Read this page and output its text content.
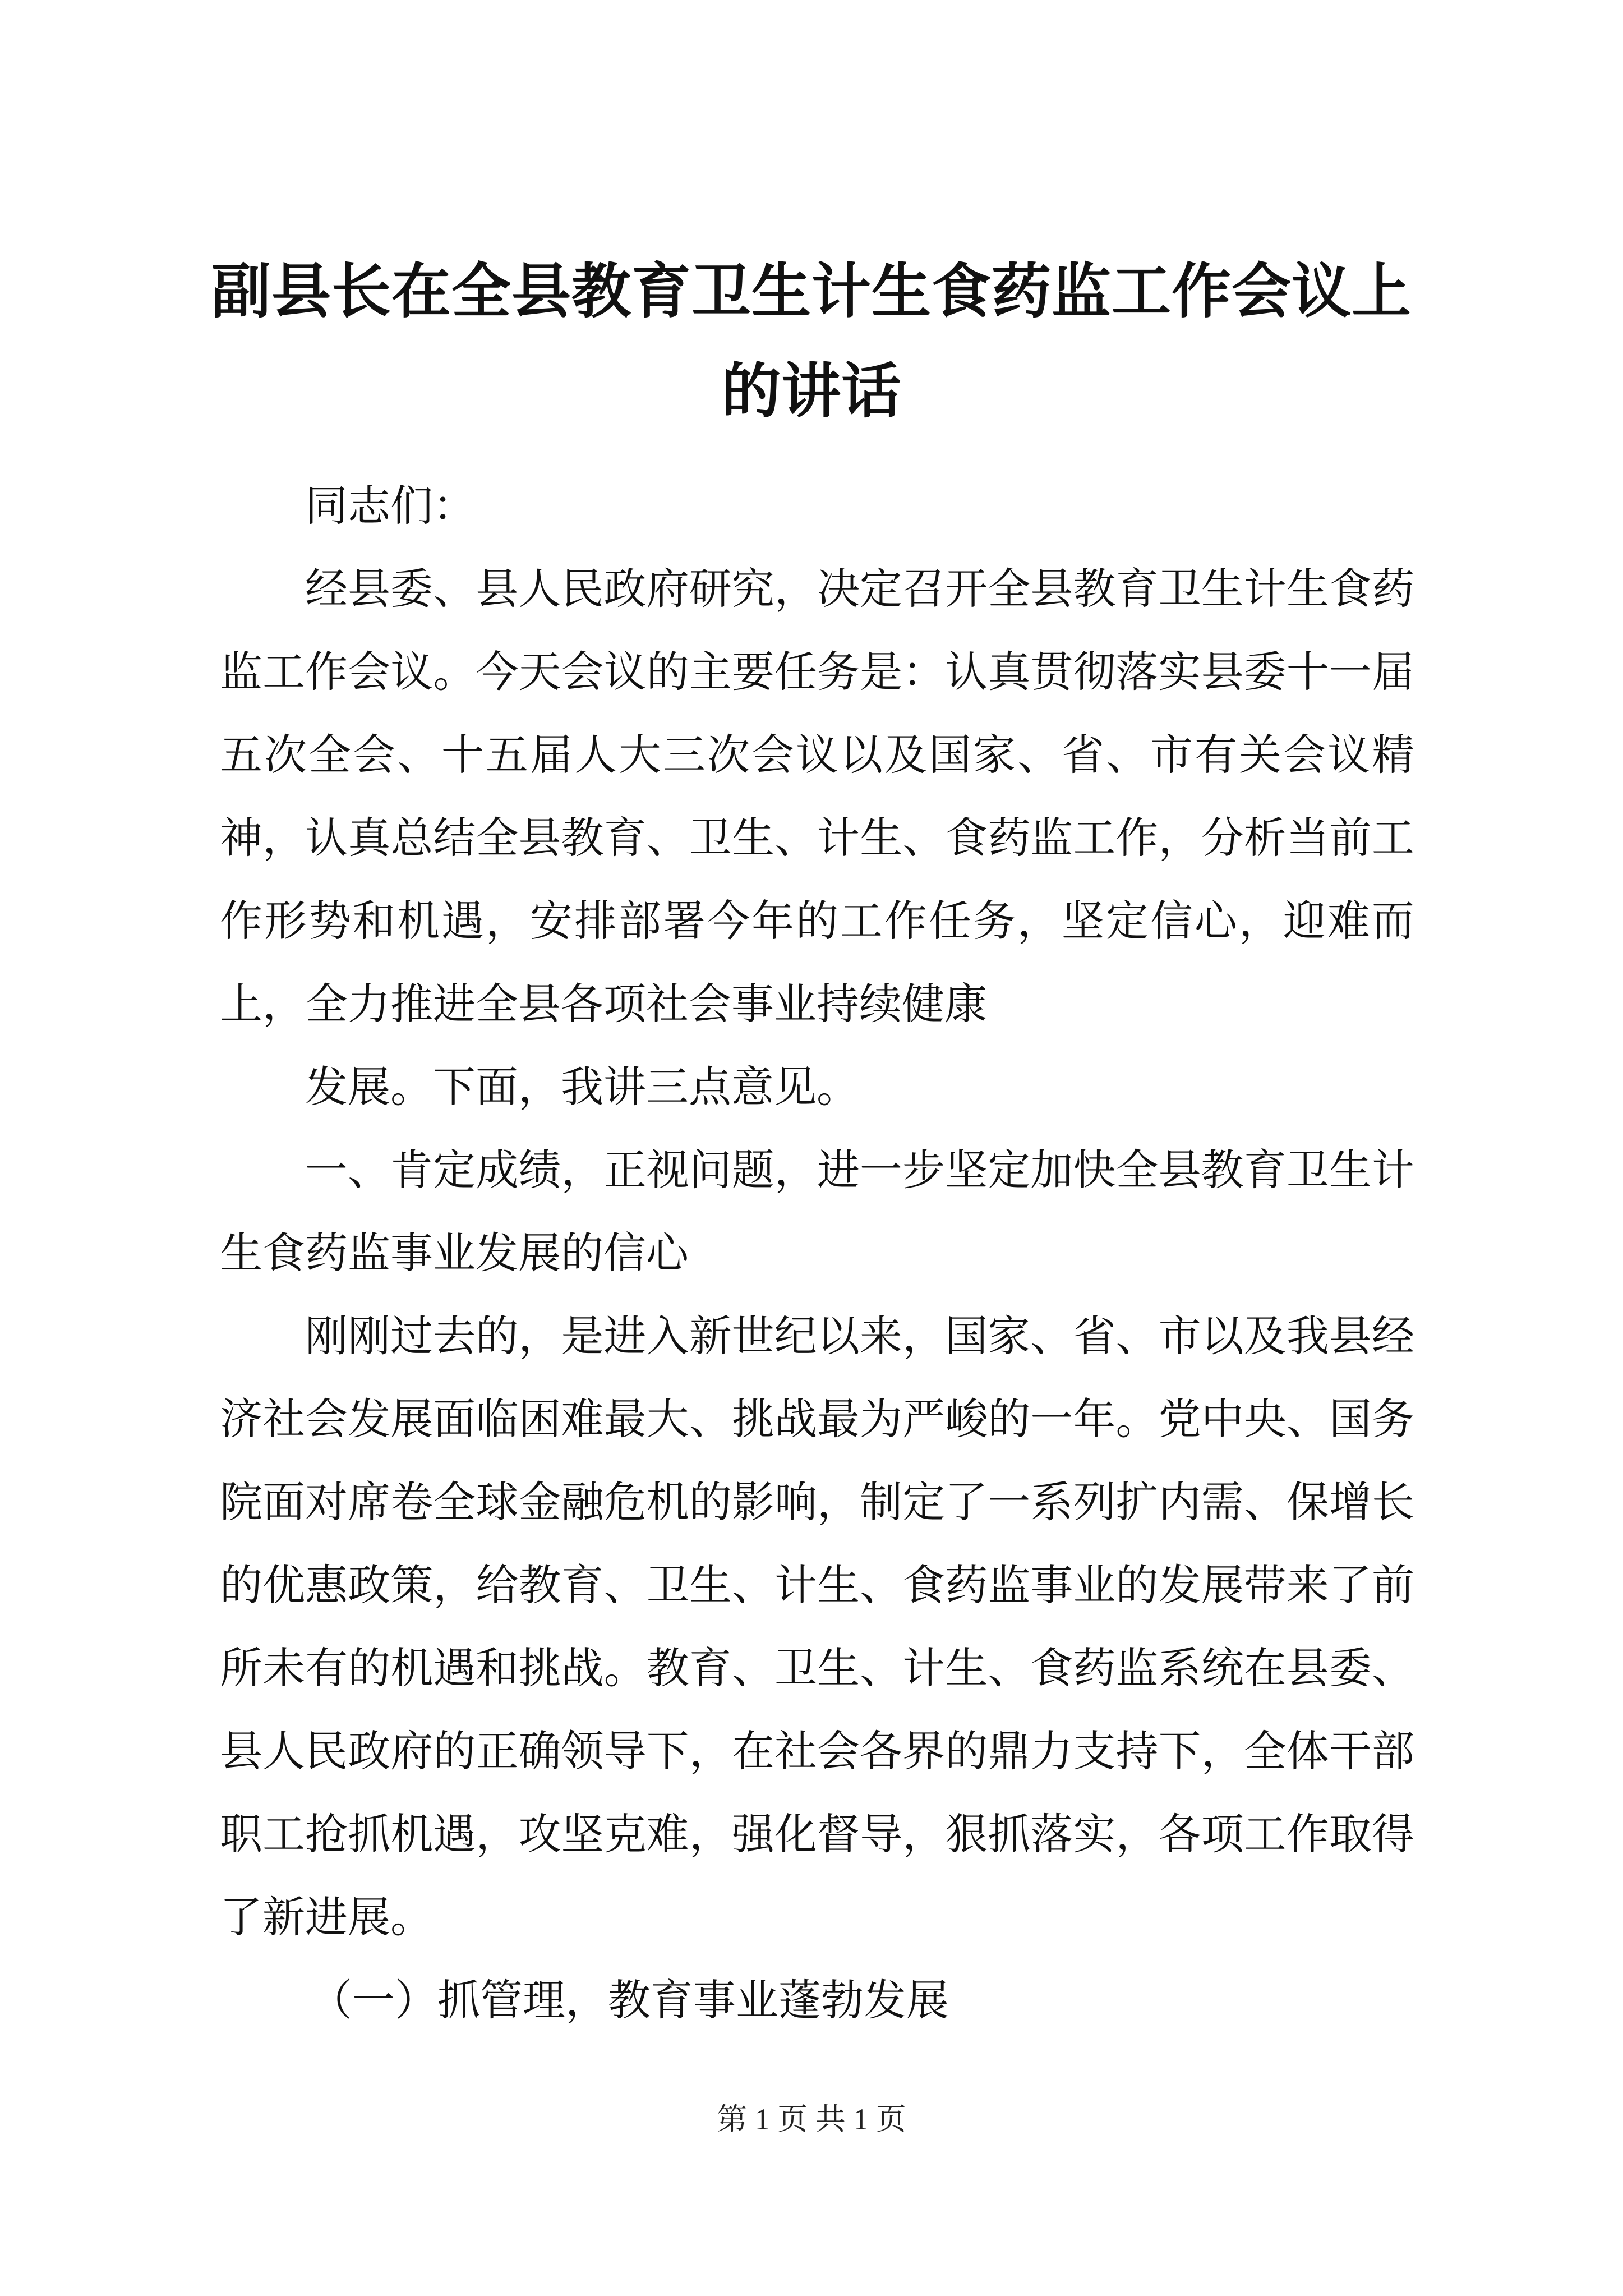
副县长在全县教育卫生计生食药监工作会议上的讲话

同志们：

经县委、县人民政府研究，决定召开全县教育卫生计生食药监工作会议。今天会议的主要任务是：认真贯彻落实县委十一届五次全会、十五届人大三次会议以及国家、省、市有关会议精神，认真总结全县教育、卫生、计生、食药监工作，分析当前工作形势和机遇，安排部署今年的工作任务，坚定信心，迎难而上，全力推进全县各项社会事业持续健康

发展。下面，我讲三点意见。

一、肯定成绩，正视问题，进一步坚定加快全县教育卫生计生食药监事业发展的信心

刚刚过去的，是进入新世纪以来，国家、省、市以及我县经济社会发展面临困难最大、挑战最为严峻的一年。党中央、国务院面对席卷全球金融危机的影响，制定了一系列扩内需、保增长的优惠政策，给教育、卫生、计生、食药监事业的发展带来了前所未有的机遇和挑战。教育、卫生、计生、食药监系统在县委、县人民政府的正确领导下，在社会各界的鼎力支持下，全体干部职工抢抓机遇，攻坚克难，强化督导，狠抓落实，各项工作取得了新进展。

（一）抓管理，教育事业蓬勃发展

第 1 页 共 1 页
